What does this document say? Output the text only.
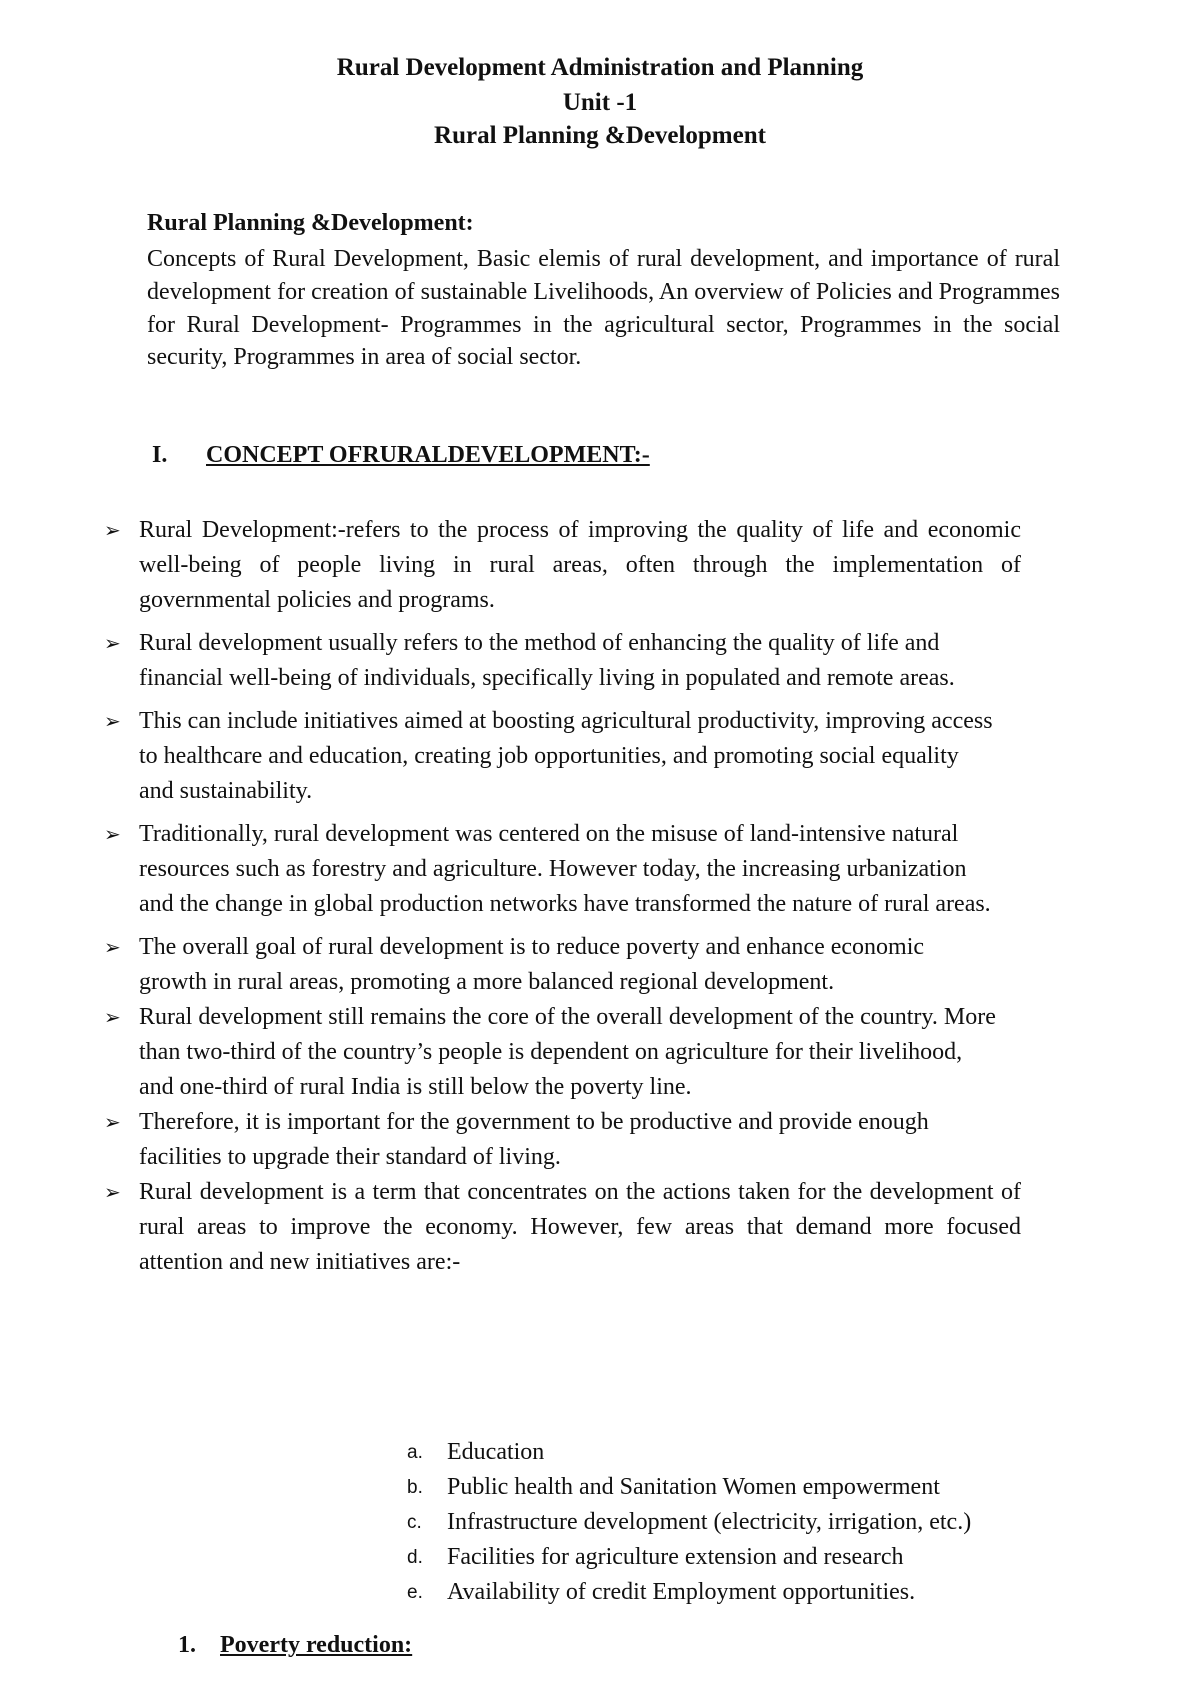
Rural Development Administration and Planning
Unit -1
Rural Planning &Development
Rural Planning &Development:

Concepts of Rural Development, Basic elemis of rural development, and importance of rural development for creation of sustainable Livelihoods, An overview of Policies and Programmes for Rural Development- Programmes in the agricultural sector, Programmes in the social security, Programmes in area of social sector.

I. CONCEPT OFRURALDEVELOPMENT:-
➢ Rural Development:-refers to the process of improving the quality of life and economic well-being of people living in rural areas, often through the implementation of governmental policies and programs.
➢ Rural development usually refers to the method of enhancing the quality of life and financial well-being of individuals, specifically living in populated and remote areas.
➢ This can include initiatives aimed at boosting agricultural productivity, improving access to healthcare and education, creating job opportunities, and promoting social equality and sustainability.
➢ Traditionally, rural development was centered on the misuse of land-intensive natural resources such as forestry and agriculture. However today, the increasing urbanization and the change in global production networks have transformed the nature of rural areas.
➢ The overall goal of rural development is to reduce poverty and enhance economic growth in rural areas, promoting a more balanced regional development.
➢ Rural development still remains the core of the overall development of the country. More than two-third of the country’s people is dependent on agriculture for their livelihood, and one-third of rural India is still below the poverty line.
➢ Therefore, it is important for the government to be productive and provide enough facilities to upgrade their standard of living.
➢ Rural development is a term that concentrates on the actions taken for the development of rural areas to improve the economy. However, few areas that demand more focused attention and new initiatives are:-
a. Education
b. Public health and Sanitation Women empowerment
c. Infrastructure development (electricity, irrigation, etc.)
d. Facilities for agriculture extension and research
e. Availability of credit Employment opportunities.
1. Poverty reduction:
